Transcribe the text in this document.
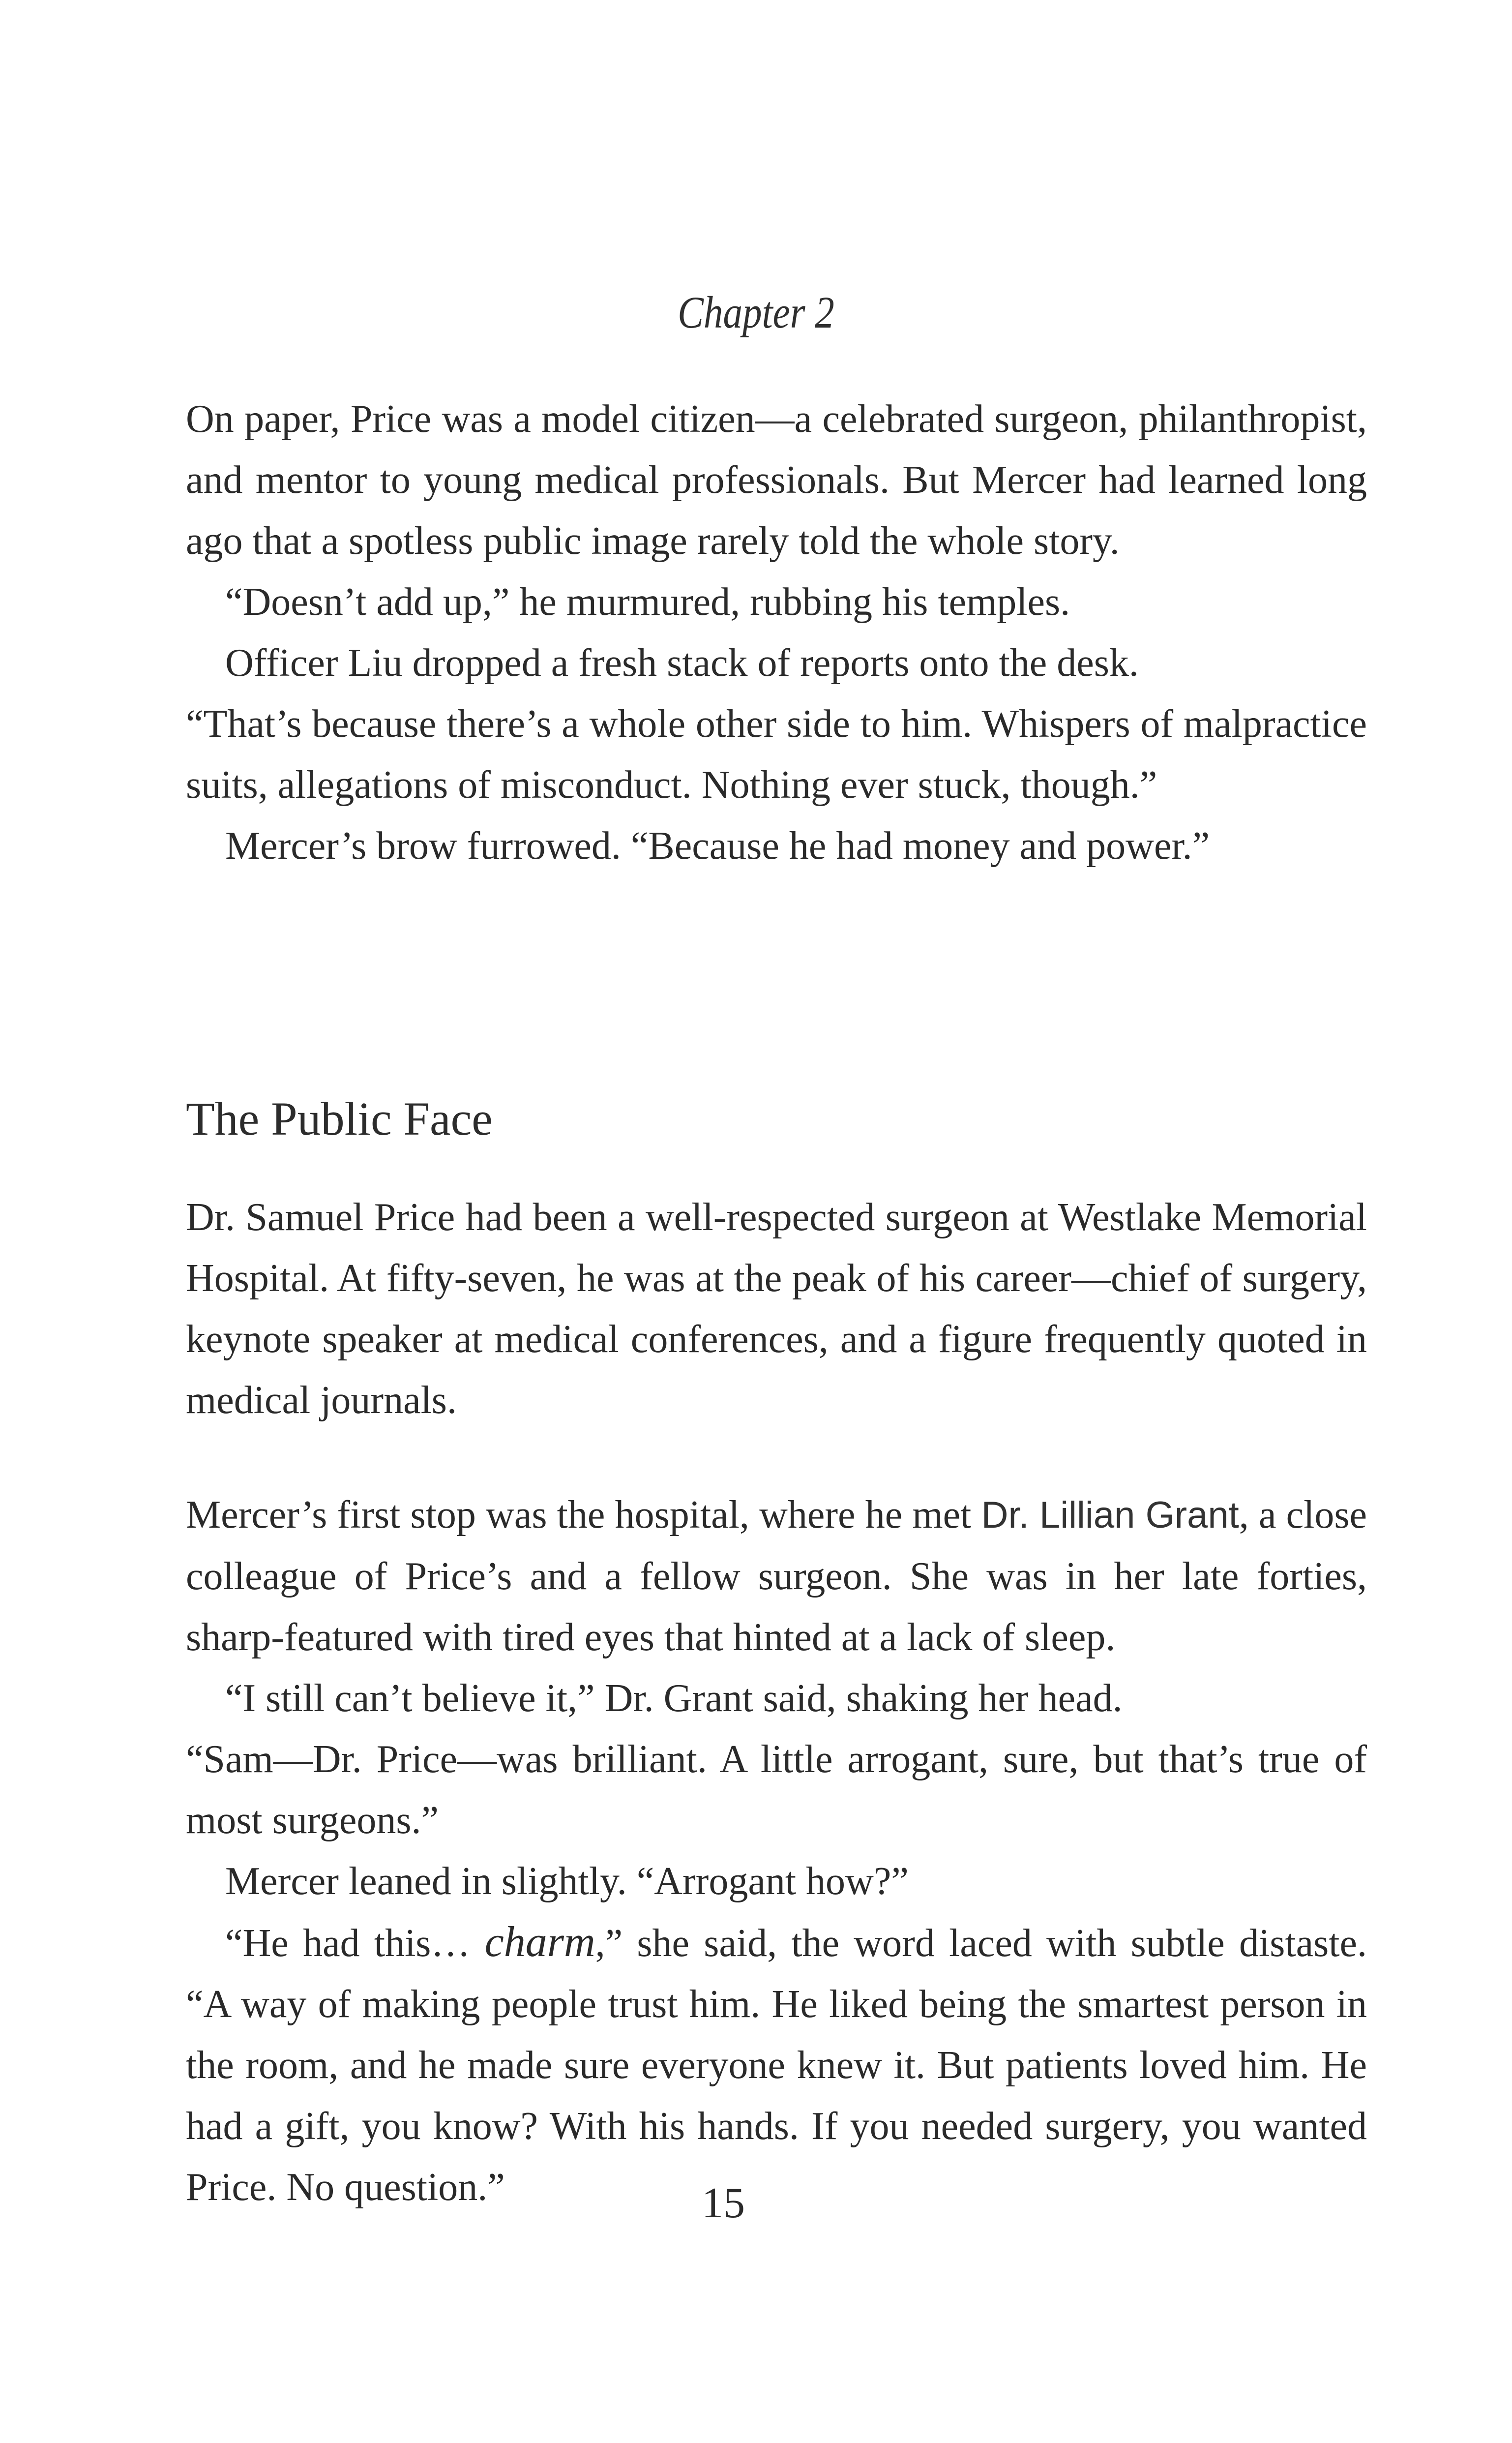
Chapter 2

On paper, Price was a model citizen—a celebrated surgeon, philanthropist, and mentor to young medical professionals. But Mercer had learned long ago that a spotless public image rarely told the whole story.

“Doesn’t add up,” he murmured, rubbing his temples.

Officer Liu dropped a fresh stack of reports onto the desk.

“That’s because there’s a whole other side to him. Whispers of malpractice suits, allegations of misconduct. Nothing ever stuck, though.”

Mercer’s brow furrowed. “Because he had money and power.”

The Public Face

Dr. Samuel Price had been a well-respected surgeon at Westlake Memorial Hospital. At fifty-seven, he was at the peak of his career—chief of surgery, keynote speaker at medical conferences, and a figure frequently quoted in medical journals.

Mercer’s first stop was the hospital, where he met Dr. Lillian Grant, a close colleague of Price’s and a fellow surgeon. She was in her late forties, sharp-featured with tired eyes that hinted at a lack of sleep.

“I still can’t believe it,” Dr. Grant said, shaking her head.

“Sam—Dr. Price—was brilliant. A little arrogant, sure, but that’s true of most surgeons.”

Mercer leaned in slightly. “Arrogant how?”

“He had this… charm,” she said, the word laced with subtle distaste. “A way of making people trust him. He liked being the smartest person in the room, and he made sure everyone knew it. But patients loved him. He had a gift, you know? With his hands. If you needed surgery, you wanted Price. No question.”	15
